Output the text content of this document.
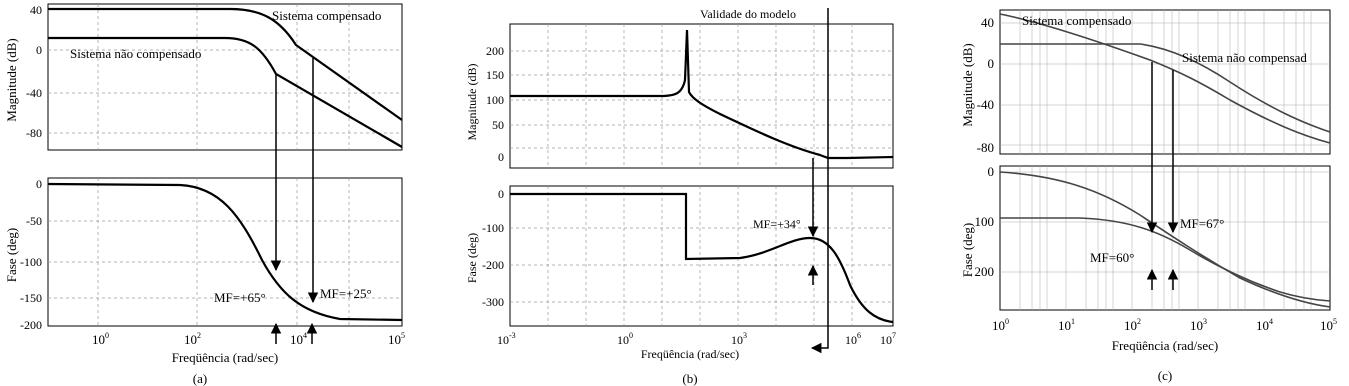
40
0
-40
-80
Magnitude (dB)
Sistema compensado
Sistema não compensado
0
-50
-100
-150
-200
Fase (deg)
MF=+65°	MF=+25°
$10^0$	$10^2$	$10^4$	$10^5$
Freqüência (rad/sec)
(a)
200
150
100
50
0
Magnitude (dB)
0
-100
-200
-300
Fase (deg)
MF=+34°
Validade do modelo
$10^{-3}$	$10^0$	$10^3$	$10^6$ $10^7$
Freqüência (rad/sec)
(b)
40
0
-40
-80
Magnitude (dB)
Sistema compensado
Sistema não compensad
0
100
200
Fase (deg)	MF=60°
MF=67°
$10^0$	$10^1$	$10^2$	$10^3$	$10^4$	$10^5$
Freqüência (rad/sec)
(c)
